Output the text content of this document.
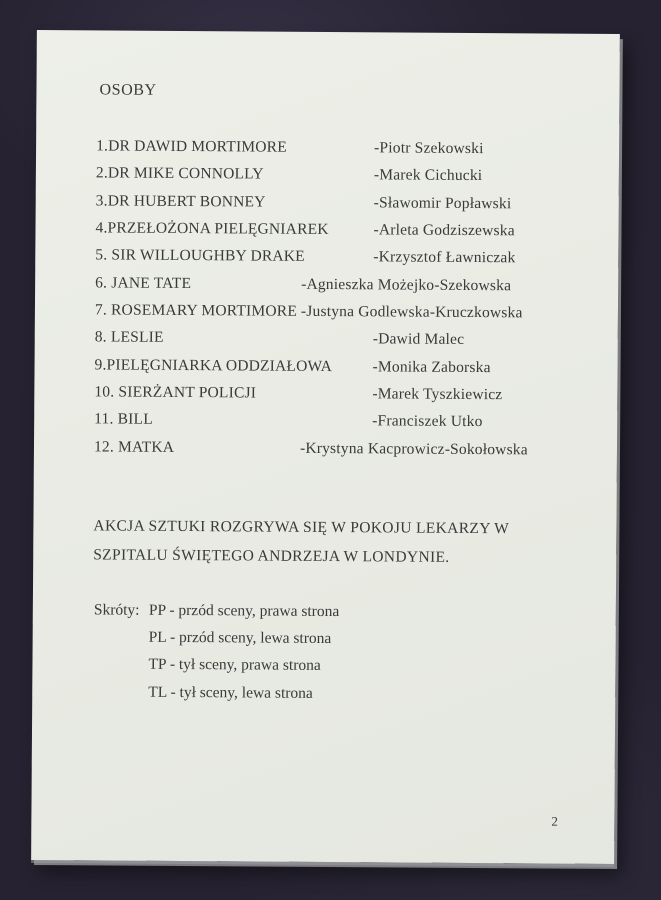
OSOBY
1.DR DAWID MORTIMORE	-Piotr Szekowski
2.DR MIKE CONNOLLY	-Marek Cichucki
3.DR HUBERT BONNEY	-Sławomir Popławski
4.PRZEŁOŻONA PIELĘGNIAREK	-Arleta Godziszewska
5. SIR WILLOUGHBY DRAKE	-Krzysztof Ławniczak
6. JANE TATE	-Agnieszka Możejko-Szekowska
7. ROSEMARY MORTIMORE -Justyna Godlewska-Kruczkowska
8. LESLIE	-Dawid Malec
9.PIELĘGNIARKA ODDZIAŁOWA	-Monika Zaborska
10. SIERŻANT POLICJI	-Marek Tyszkiewicz
11. BILL	-Franciszek Utko
12. MATKA	-Krystyna Kacprowicz-Sokołowska
AKCJA SZTUKI ROZGRYWA SIĘ W POKOJU LEKARZY W
SZPITALU ŚWIĘTEGO ANDRZEJA W LONDYNIE.
Skróty: PP - przód sceny, prawa strona
PL - przód sceny, lewa strona
TP - tył sceny, prawa strona
TL - tył sceny, lewa strona
2
